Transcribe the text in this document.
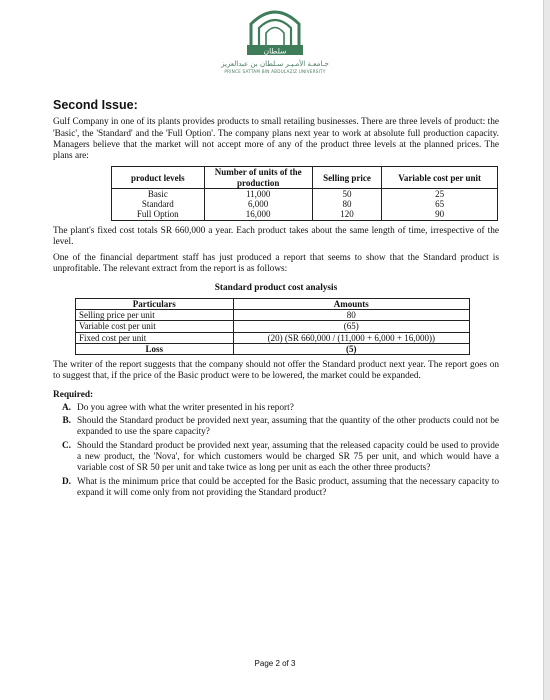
سلطان
جـامعـة الأمـيـر سـلطان بن عبدالعزيز
PRINCE SATTAM BIN ABDULAZIZ UNIVERSITY
Second Issue:

Gulf Company in one of its plants provides products to small retailing businesses. There are three levels of product: the 'Basic', the 'Standard' and the 'Full Option'. The company plans next year to work at absolute full production capacity. Managers believe that the market will not accept more of any of the product three levels at the planned prices. The plans are:

product levels	Number of units of the production	Selling price	Variable cost per unit
Basic	11,000	50	25
Standard	6,000	80	65
Full Option	16,000	120	90

The plant's fixed cost totals SR 660,000 a year. Each product takes about the same length of time, irrespective of the level.

One of the financial department staff has just produced a report that seems to show that the Standard product is unprofitable. The relevant extract from the report is as follows:

Standard product cost analysis
Particulars	Amounts
Selling price per unit	80
Variable cost per unit	(65)
Fixed cost per unit	(20) (SR 660,000 / (11,000 + 6,000 + 16,000))
Loss	(5)

The writer of the report suggests that the company should not offer the Standard product next year. The report goes on to suggest that, if the price of the Basic product were to be lowered, the market could be expanded.

Required:
A. Do you agree with what the writer presented in his report?
B. Should the Standard product be provided next year, assuming that the quantity of the other products could not be expanded to use the spare capacity?
C. Should the Standard product be provided next year, assuming that the released capacity could be used to provide a new product, the 'Nova', for which customers would be charged SR 75 per unit, and which would have a variable cost of SR 50 per unit and take twice as long per unit as each the other three products?
D. What is the minimum price that could be accepted for the Basic product, assuming that the necessary capacity to expand it will come only from not providing the Standard product?
Page 2 of 3
